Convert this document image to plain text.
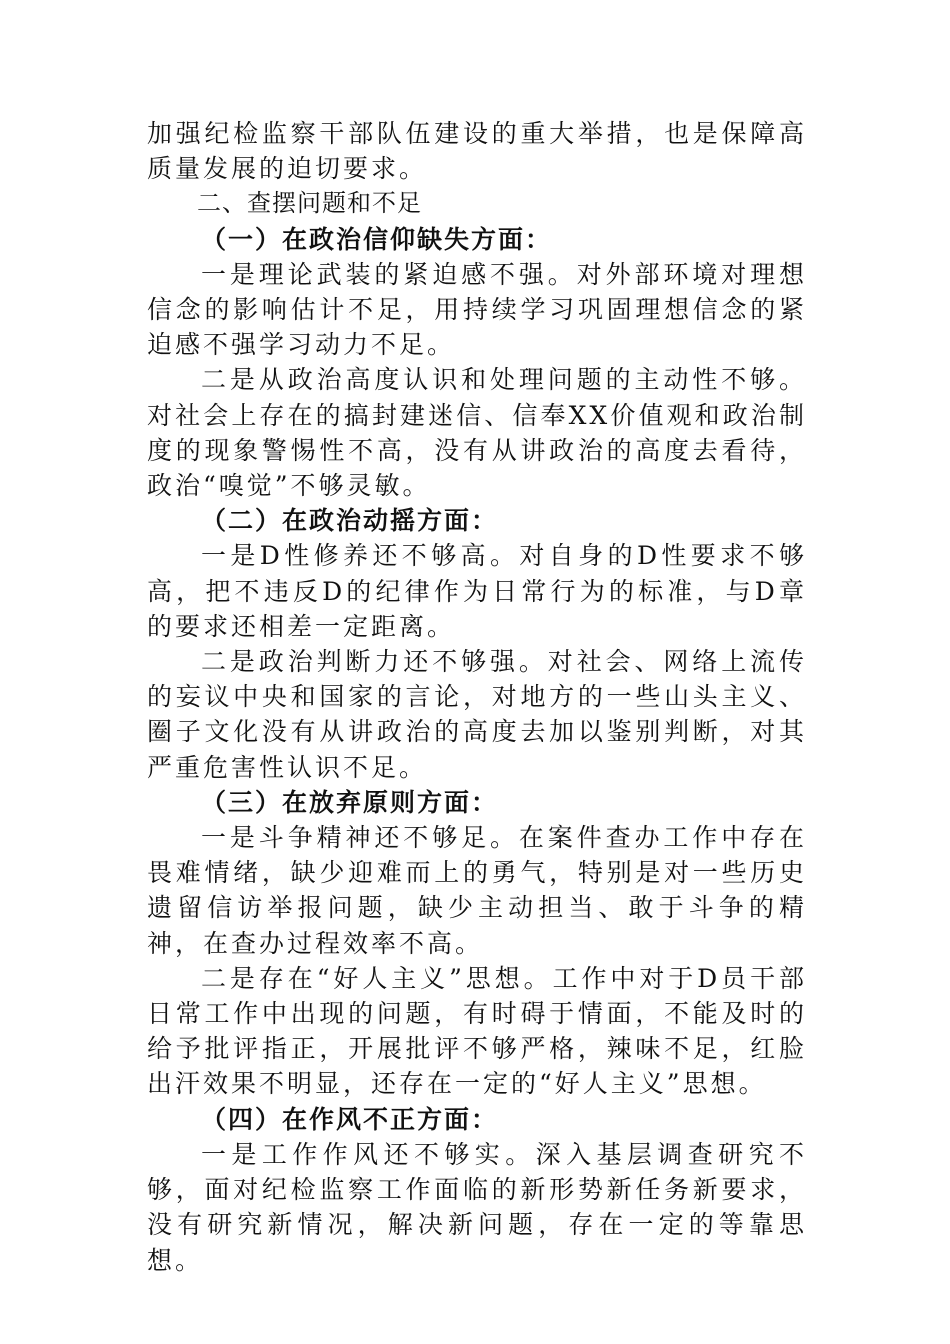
加强纪检监察干部队伍建设的重大举措，也是保障高质量发展的迫切要求。

二、查摆问题和不足

（一）在政治信仰缺失方面：

一是理论武装的紧迫感不强。对外部环境对理想信念的影响估计不足，用持续学习巩固理想信念的紧迫感不强学习动力不足。

二是从政治高度认识和处理问题的主动性不够。对社会上存在的搞封建迷信、信奉XX价值观和政治制度的现象警惕性不高，没有从讲政治的高度去看待，政治“嗅觉”不够灵敏。

（二）在政治动摇方面：

一是D性修养还不够高。对自身的D性要求不够高，把不违反D的纪律作为日常行为的标准，与D章的要求还相差一定距离。

二是政治判断力还不够强。对社会、网络上流传的妄议中央和国家的言论，对地方的一些山头主义、圈子文化没有从讲政治的高度去加以鉴别判断，对其严重危害性认识不足。

（三）在放弃原则方面：

一是斗争精神还不够足。在案件查办工作中存在畏难情绪，缺少迎难而上的勇气，特别是对一些历史遗留信访举报问题，缺少主动担当、敢于斗争的精神，在查办过程效率不高。

二是存在“好人主义”思想。工作中对于D员干部日常工作中出现的问题，有时碍于情面，不能及时的给予批评指正，开展批评不够严格，辣味不足，红脸出汗效果不明显，还存在一定的“好人主义”思想。

（四）在作风不正方面：

一是工作作风还不够实。深入基层调查研究不够，面对纪检监察工作面临的新形势新任务新要求，没有研究新情况，解决新问题，存在一定的等靠思想。
